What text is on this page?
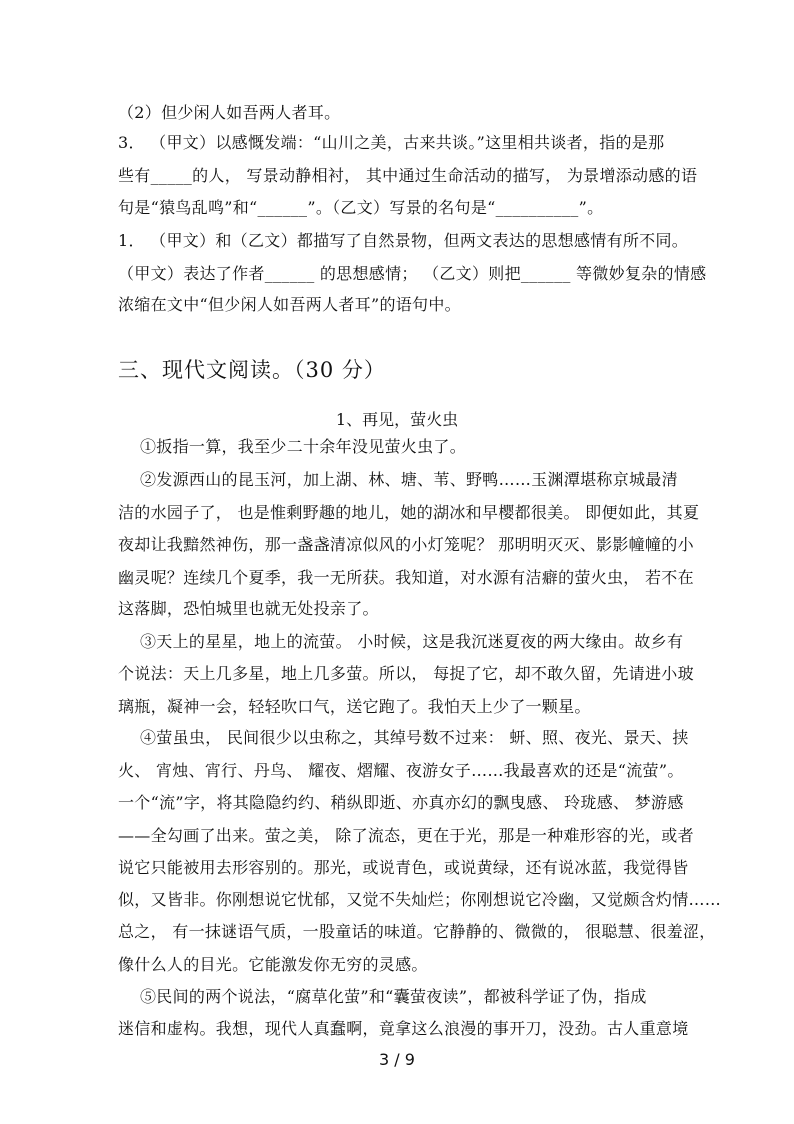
（2）但少闲人如吾两人者耳。
3． （甲文）以感慨发端：“山川之美，古来共谈。”这里相共谈者，指的是那
些有_____的人， 写景动静相衬， 其中通过生命活动的描写， 为景增添动感的语
句是“猿鸟乱鸣”和“______”。（乙文）写景的名句是“__________”。
1． （甲文）和（乙文）都描写了自然景物，但两文表达的思想感情有所不同。
（甲文）表达了作者______ 的思想感情； （乙文）则把______ 等微妙复杂的情感
浓缩在文中“但少闲人如吾两人者耳”的语句中。
三、现代文阅读。（30 分）
1、再见，萤火虫
①扳指一算，我至少二十余年没见萤火虫了。
②发源西山的昆玉河，加上湖、林、塘、苇、野鸭……玉渊潭堪称京城最清
洁的水园子了， 也是惟剩野趣的地儿，她的湖冰和早樱都很美。 即便如此，其夏
夜却让我黯然神伤，那一盏盏清凉似风的小灯笼呢？ 那明明灭灭、影影幢幢的小
幽灵呢？连续几个夏季，我一无所获。我知道，对水源有洁癖的萤火虫， 若不在
这落脚，恐怕城里也就无处投亲了。
③天上的星星，地上的流萤。 小时候，这是我沉迷夏夜的两大缘由。故乡有
个说法：天上几多星，地上几多萤。所以， 每捉了它，却不敢久留，先请进小玻
璃瓶，凝神一会，轻轻吹口气，送它跑了。我怕天上少了一颗星。
④萤虽虫， 民间很少以虫称之，其绰号数不过来： 蚈、照、夜光、景天、挟
火、 宵烛、宵行、丹鸟、 耀夜、熠耀、夜游女子……我最喜欢的还是“流萤”。
一个“流”字，将其隐隐约约、稍纵即逝、亦真亦幻的飘曳感、 玲珑感、 梦游感
——全勾画了出来。萤之美， 除了流态，更在于光，那是一种难形容的光，或者
说它只能被用去形容别的。那光，或说青色，或说黄绿，还有说冰蓝，我觉得皆
似，又皆非。你刚想说它忧郁，又觉不失灿烂；你刚想说它冷幽，又觉颇含灼情……
总之， 有一抹谜语气质，一股童话的味道。它静静的、微微的， 很聪慧、很羞涩，
像什么人的目光。它能激发你无穷的灵感。
⑤民间的两个说法，“腐草化萤”和“囊萤夜读”，都被科学证了伪，指成
迷信和虚构。我想，现代人真蠢啊，竟拿这么浪漫的事开刀，没劲。古人重意境
3 / 9
